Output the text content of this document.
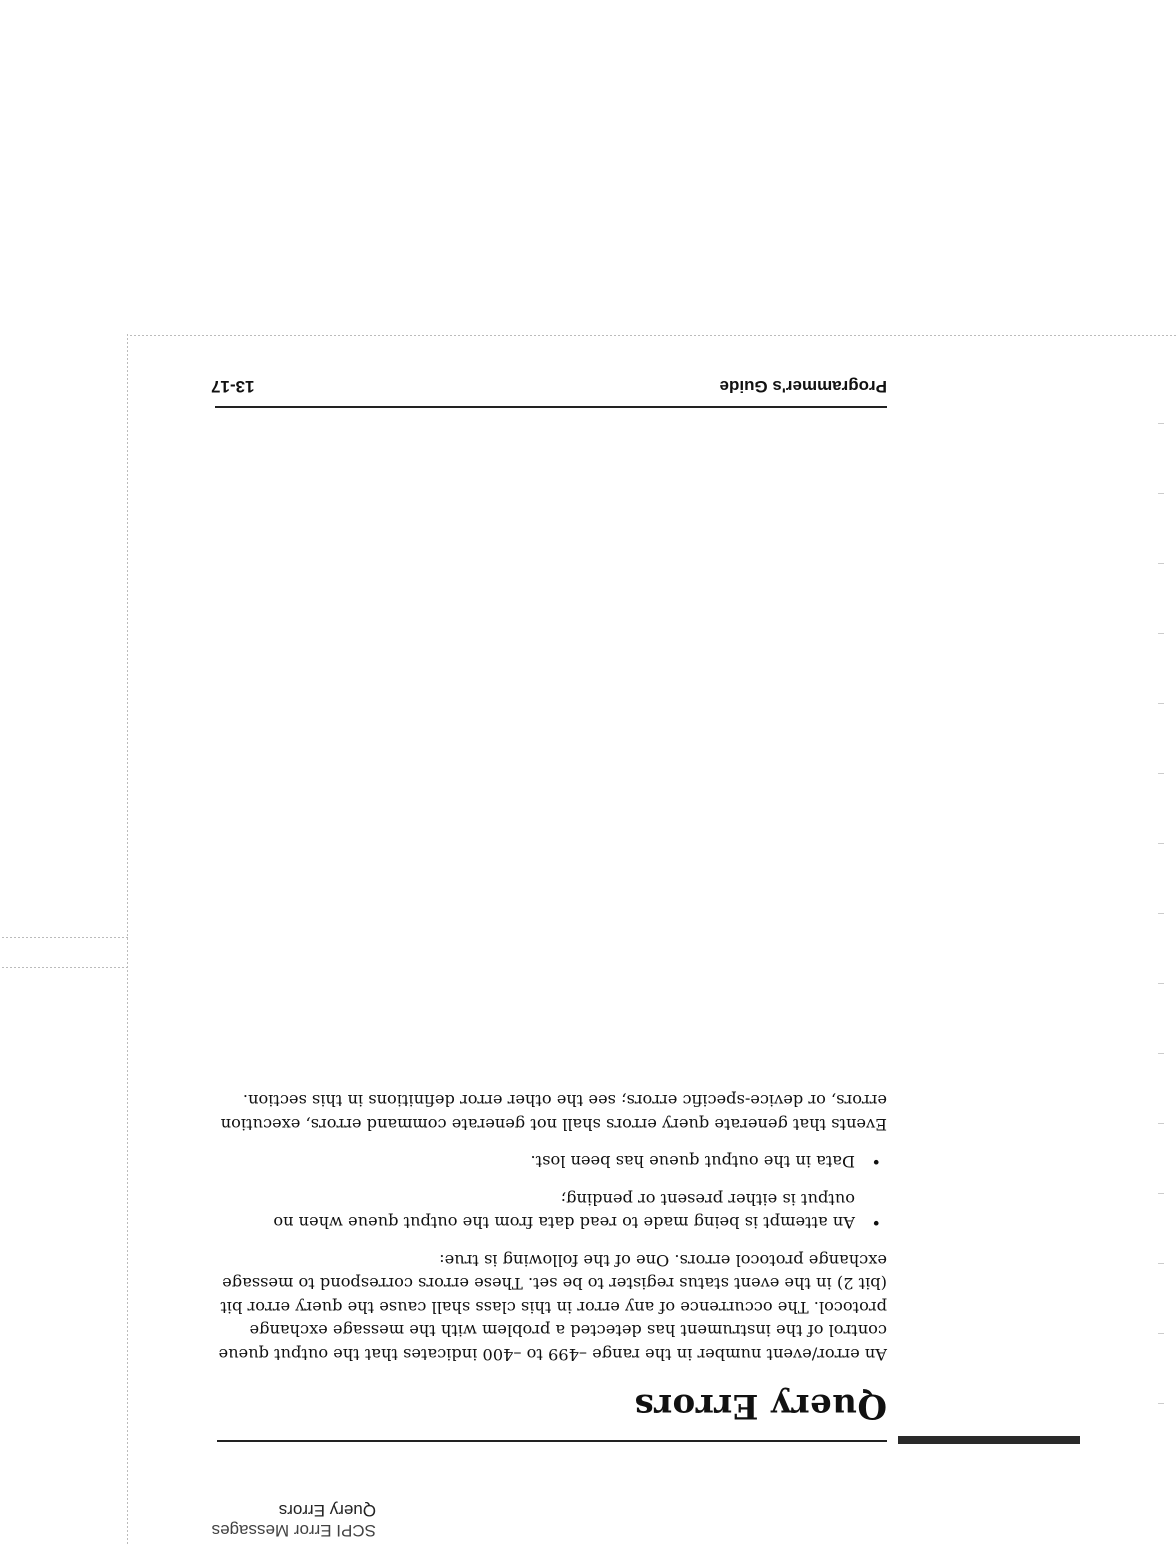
SCPI Error Messages
Query Errors
Query Errors

An error/event number in the range –499 to –400 indicates that the output queue control of the instrument has detected a problem with the message exchange protocol. The occurrence of any error in this class shall cause the query error bit (bit 2) in the event status register to be set. These errors correspond to message exchange protocol errors. One of the following is true:

• An attempt is being made to read data from the output queue when no output is either present or pending;
• Data in the output queue has been lost.

Events that generate query errors shall not generate command errors, execution errors, or device-specific errors; see the other error definitions in this section.

Programmer's Guide
13-17
